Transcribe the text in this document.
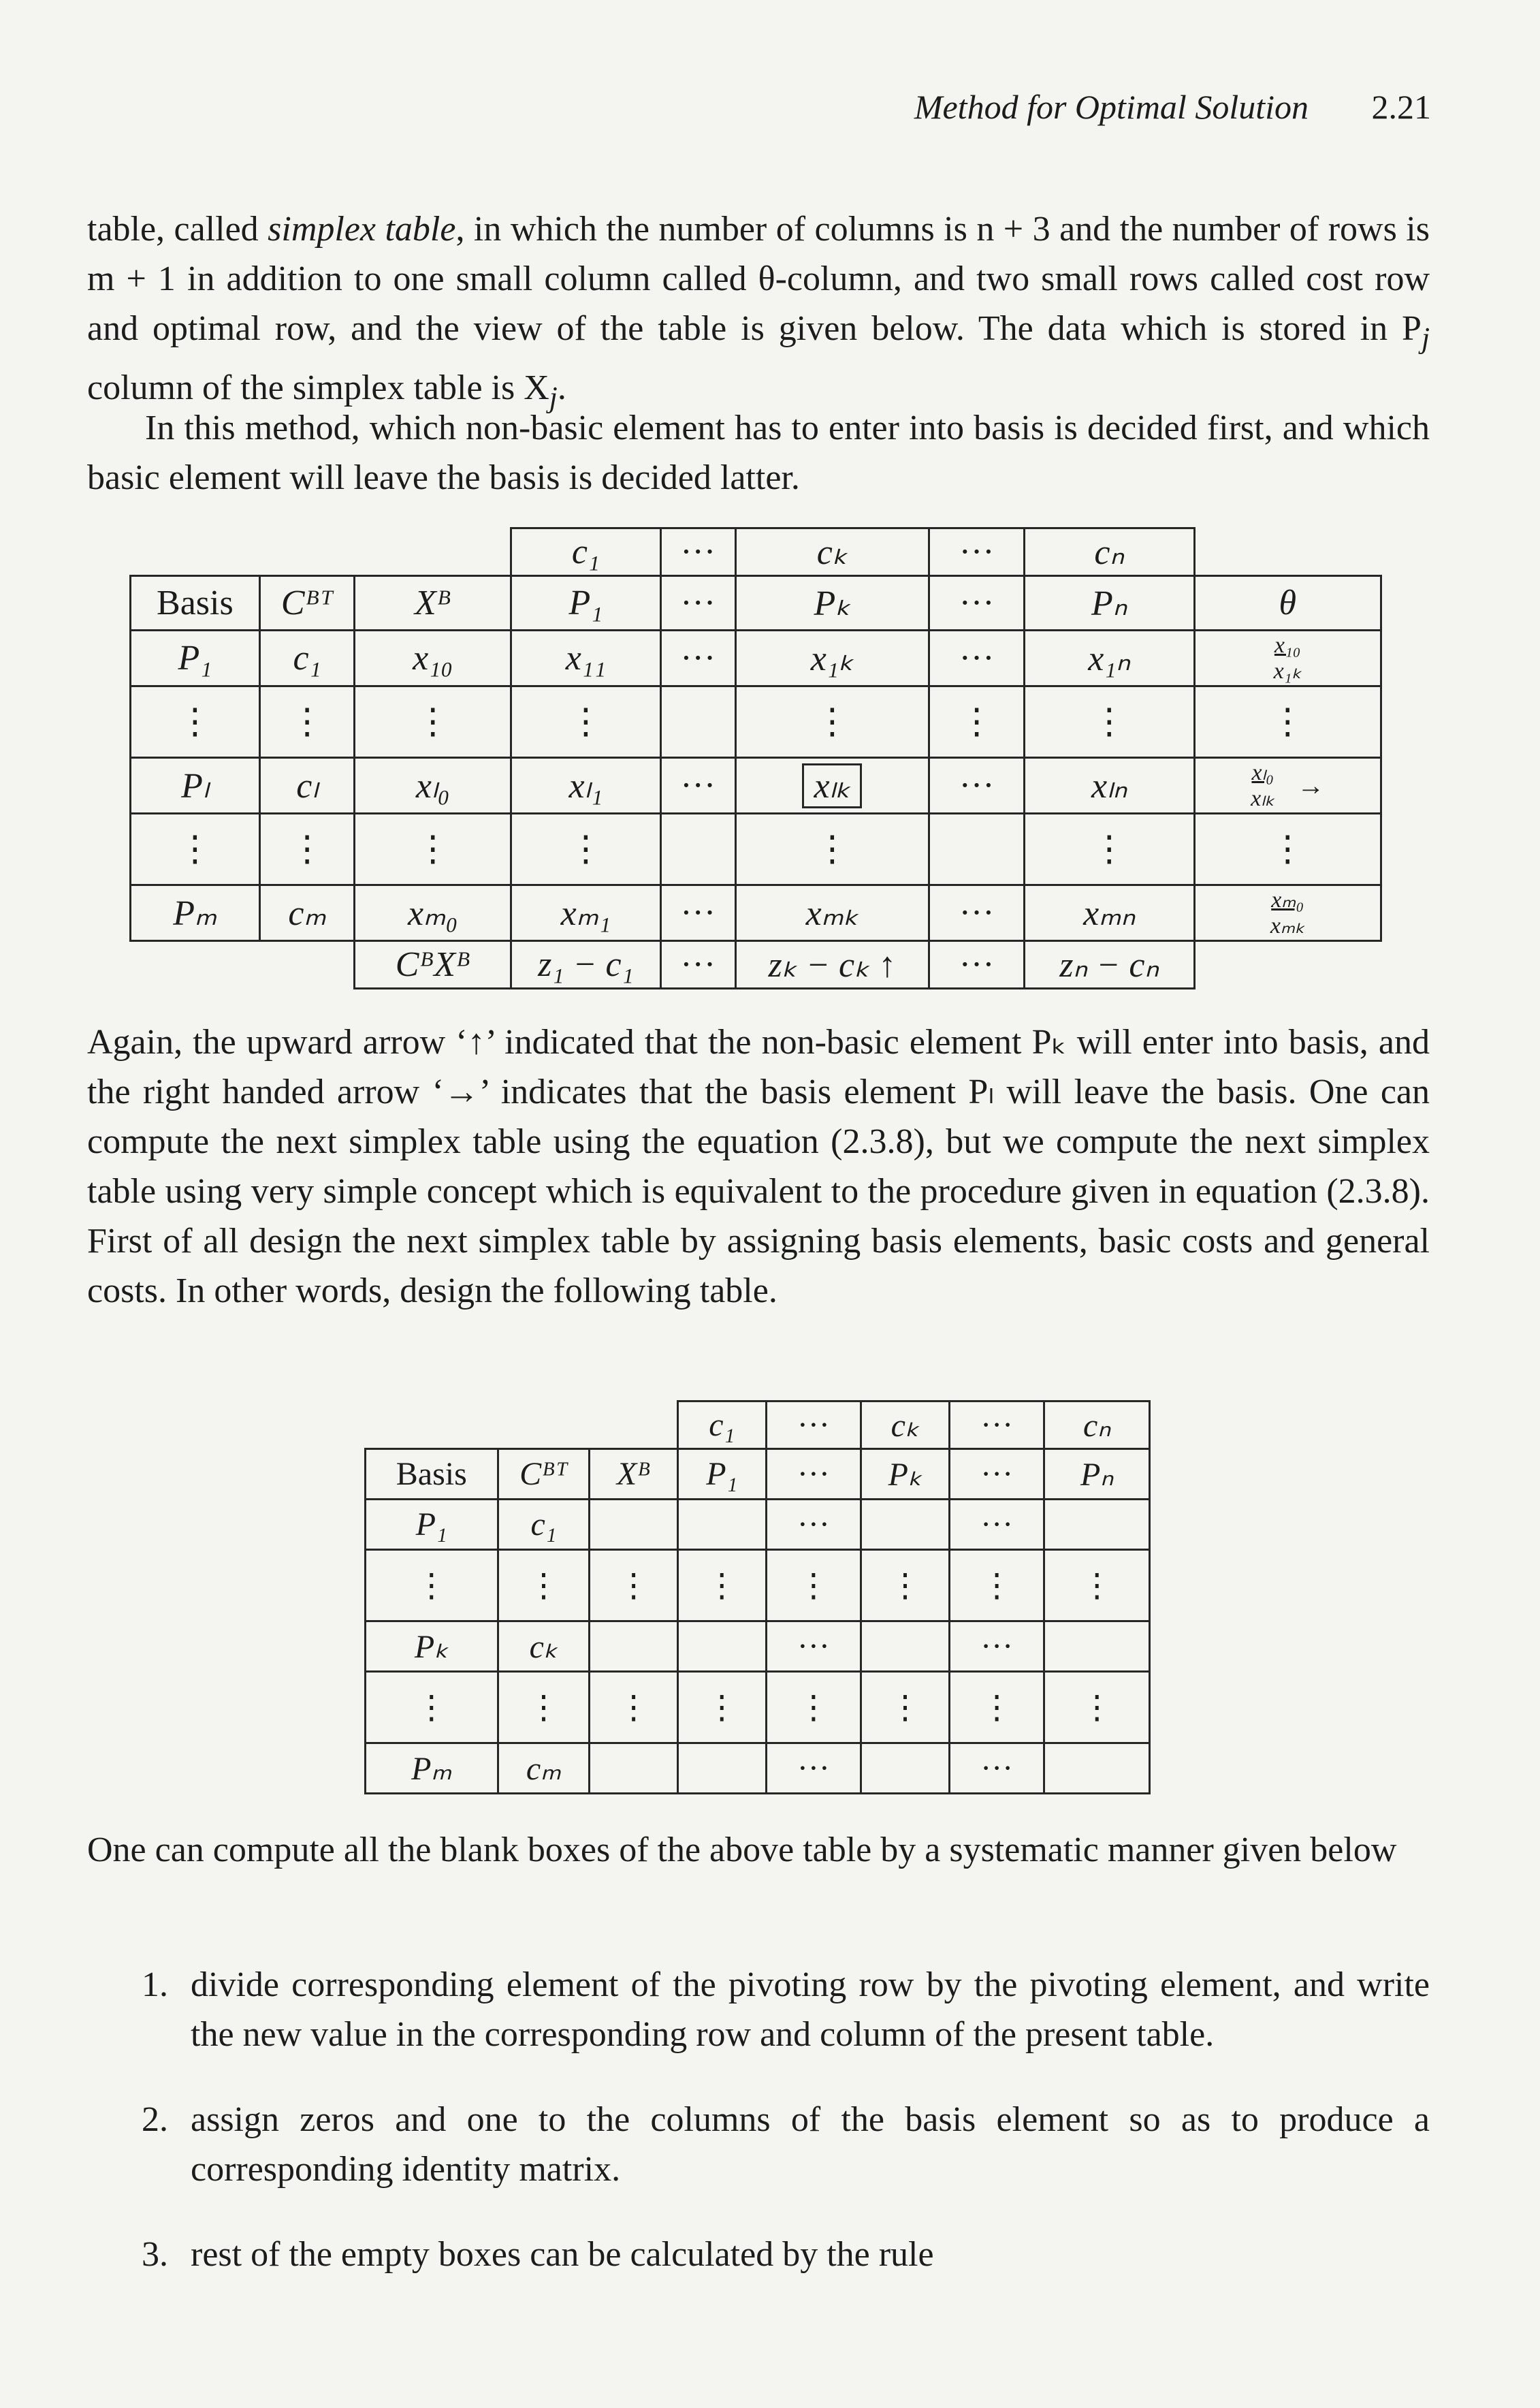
Method for Optimal Solution 2.21

table, called simplex table, in which the number of columns is n + 3 and the number of rows is m + 1 in addition to one small column called θ-column, and two small rows called cost row and optimal row, and the view of the table is given below. The data which is stored in $P_j$ column of the simplex table is $X_j$.

In this method, which non-basic element has to enter into basis is decided first, and which basic element will leave the basis is decided latter.

			c₁	···	cₖ	···	cₙ	
Basis	Cᴮᵀ	Xᴮ	P₁	···	Pₖ	···	Pₙ	θ
P₁	c₁	x₁₀	x₁₁	···	x₁ₖ	···	x₁ₙ	x₁₀
x₁ₖ

⋮	⋮	⋮	⋮		⋮	⋮	⋮	⋮
Pₗ	cₗ	xₗ₀	xₗ₁	···	xₗₖ	···	xₗₙ	$\frac{\text{xₗ₀}}{\text{xₗₖ}}$ →
⋮	⋮	⋮	⋮		⋮		⋮	⋮
Pₘ	cₘ	xₘ₀	xₘ₁	···	xₘₖ	···	xₘₙ	xₘ₀
xₘₖ

		CᴮXᴮ	z₁ − c₁	···	zₖ − cₖ ↑	···	zₙ − cₙ	

Again, the upward arrow ‘↑’ indicated that the non-basic element Pₖ will enter into basis, and the right handed arrow ‘→’ indicates that the basis element Pₗ will leave the basis. One can compute the next simplex table using the equation (2.3.8), but we compute the next simplex table using very simple concept which is equivalent to the procedure given in equation (2.3.8). First of all design the next simplex table by assigning basis elements, basic costs and general costs. In other words, design the following table.

			c₁	···	cₖ	···	cₙ
Basis	Cᴮᵀ	Xᴮ	P₁	···	Pₖ	···	Pₙ
P₁	c₁			···		···	
⋮	⋮	⋮	⋮	⋮	⋮	⋮	⋮
Pₖ	cₖ			···		···	
⋮	⋮	⋮	⋮	⋮	⋮	⋮	⋮
Pₘ	cₘ			···		···	

One can compute all the blank boxes of the above table by a systematic manner given below

1. divide corresponding element of the pivoting row by the pivoting element, and write the new value in the corresponding row and column of the present table.
2. assign zeros and one to the columns of the basis element so as to produce a corresponding identity matrix.
3. rest of the empty boxes can be calculated by the rule
